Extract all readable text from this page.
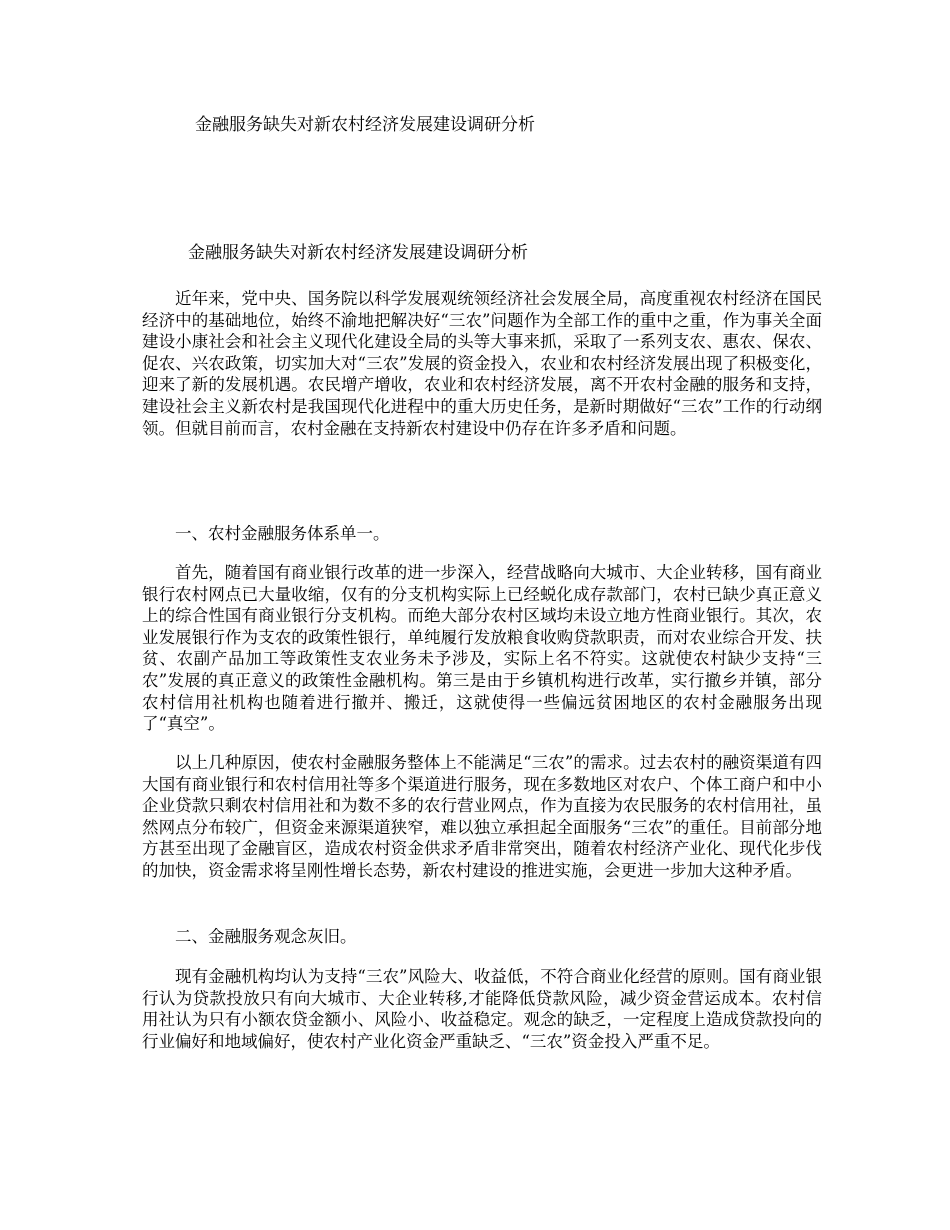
金融服务缺失对新农村经济发展建设调研分析
金融服务缺失对新农村经济发展建设调研分析

近年来，党中央、国务院以科学发展观统领经济社会发展全局，高度重视农村经济在国民经济中的基础地位，始终不渝地把解决好“三农”问题作为全部工作的重中之重，作为事关全面建设小康社会和社会主义现代化建设全局的头等大事来抓，采取了一系列支农、惠农、保农、促农、兴农政策，切实加大对“三农”发展的资金投入，农业和农村经济发展出现了积极变化，迎来了新的发展机遇。农民增产增收，农业和农村经济发展，离不开农村金融的服务和支持，建设社会主义新农村是我国现代化进程中的重大历史任务，是新时期做好“三农”工作的行动纲领。但就目前而言，农村金融在支持新农村建设中仍存在许多矛盾和问题。

一、农村金融服务体系单一。

首先，随着国有商业银行改革的进一步深入，经营战略向大城市、大企业转移，国有商业银行农村网点已大量收缩，仅有的分支机构实际上已经蜕化成存款部门，农村已缺少真正意义上的综合性国有商业银行分支机构。而绝大部分农村区域均未设立地方性商业银行。其次，农业发展银行作为支农的政策性银行，单纯履行发放粮食收购贷款职责，而对农业综合开发、扶贫、农副产品加工等政策性支农业务未予涉及，实际上名不符实。这就使农村缺少支持“三农”发展的真正意义的政策性金融机构。第三是由于乡镇机构进行改革，实行撤乡并镇，部分农村信用社机构也随着进行撤并、搬迁，这就使得一些偏远贫困地区的农村金融服务出现了“真空”。

以上几种原因，使农村金融服务整体上不能满足“三农”的需求。过去农村的融资渠道有四大国有商业银行和农村信用社等多个渠道进行服务，现在多数地区对农户、个体工商户和中小企业贷款只剩农村信用社和为数不多的农行营业网点，作为直接为农民服务的农村信用社，虽然网点分布较广，但资金来源渠道狭窄，难以独立承担起全面服务“三农”的重任。目前部分地方甚至出现了金融盲区，造成农村资金供求矛盾非常突出，随着农村经济产业化、现代化步伐的加快，资金需求将呈刚性增长态势，新农村建设的推进实施，会更进一步加大这种矛盾。

二、金融服务观念灰旧。

现有金融机构均认为支持“三农”风险大、收益低，不符合商业化经营的原则。国有商业银行认为贷款投放只有向大城市、大企业转移,才能降低贷款风险，减少资金营运成本。农村信用社认为只有小额农贷金额小、风险小、收益稳定。观念的缺乏，一定程度上造成贷款投向的行业偏好和地域偏好，使农村产业化资金严重缺乏、“三农”资金投入严重不足。
